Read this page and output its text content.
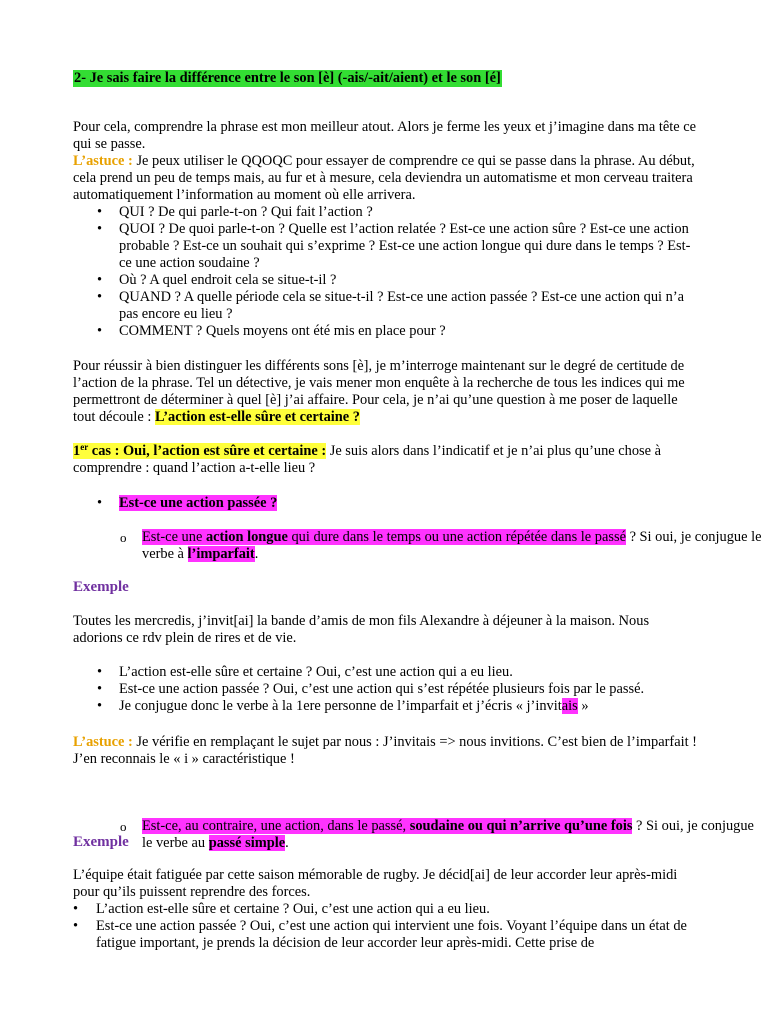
2- Je sais faire la différence entre le son [è] (-ais/-ait/aient) et le son [é]

Pour cela, comprendre la phrase est mon meilleur atout. Alors je ferme les yeux et j’imagine dans ma tête ce qui se passe.

L’astuce : Je peux utiliser le QQOQC pour essayer de comprendre ce qui se passe dans la phrase. Au début, cela prend un peu de temps mais, au fur et à mesure, cela deviendra un automatisme et mon cerveau traitera automatiquement l’information au moment où elle arrivera.

• QUI ? De qui parle-t-on ? Qui fait l’action ?
• QUOI ? De quoi parle-t-on ? Quelle est l’action relatée ? Est-ce une action sûre ? Est-ce une action probable ? Est-ce un souhait qui s’exprime ? Est-ce une action longue qui dure dans le temps ? Est-ce une action soudaine ?
• Où ? A quel endroit cela se situe-t-il ?
• QUAND ? A quelle période cela se situe-t-il ? Est-ce une action passée ? Est-ce une action qui n’a pas encore eu lieu ?
• COMMENT ? Quels moyens ont été mis en place pour ?

Pour réussir à bien distinguer les différents sons [è], je m’interroge maintenant sur le degré de certitude de l’action de la phrase. Tel un détective, je vais mener mon enquête à la recherche de tous les indices qui me permettront de déterminer à quel [è] j’ai affaire. Pour cela, je n’ai qu’une question à me poser de laquelle tout découle : L’action est-elle sûre et certaine ?

1er cas : Oui, l’action est sûre et certaine : Je suis alors dans l’indicatif et je n’ai plus qu’une chose à comprendre : quand l’action a-t-elle lieu ?

• Est-ce une action passée ?

o Est-ce une action longue qui dure dans le temps ou une action répétée dans le passé ? Si oui, je conjugue le verbe à l’imparfait.

Exemple

Toutes les mercredis, j’invit[ai] la bande d’amis de mon fils Alexandre à déjeuner à la maison. Nous adorions ce rdv plein de rires et de vie.

• L’action est-elle sûre et certaine ? Oui, c’est une action qui a eu lieu.
• Est-ce une action passée ? Oui, c’est une action qui s’est répétée plusieurs fois par le passé.
• Je conjugue donc le verbe à la 1ere personne de l’imparfait et j’écris « j’invitais »

L’astuce : Je vérifie en remplaçant le sujet par nous : J’invitais => nous invitions. C’est bien de l’imparfait ! J’en reconnais le « i » caractéristique !

o Est-ce, au contraire, une action, dans le passé, soudaine ou qui n’arrive qu’une fois ? Si oui, je conjugue le verbe au passé simple.

Exemple

L’équipe était fatiguée par cette saison mémorable de rugby. Je décid[ai] de leur accorder leur après-midi pour qu’ils puissent reprendre des forces.

• L’action est-elle sûre et certaine ? Oui, c’est une action qui a eu lieu.
• Est-ce une action passée ? Oui, c’est une action qui intervient une fois. Voyant l’équipe dans un état de fatigue important, je prends la décision de leur accorder leur après-midi. Cette prise de
